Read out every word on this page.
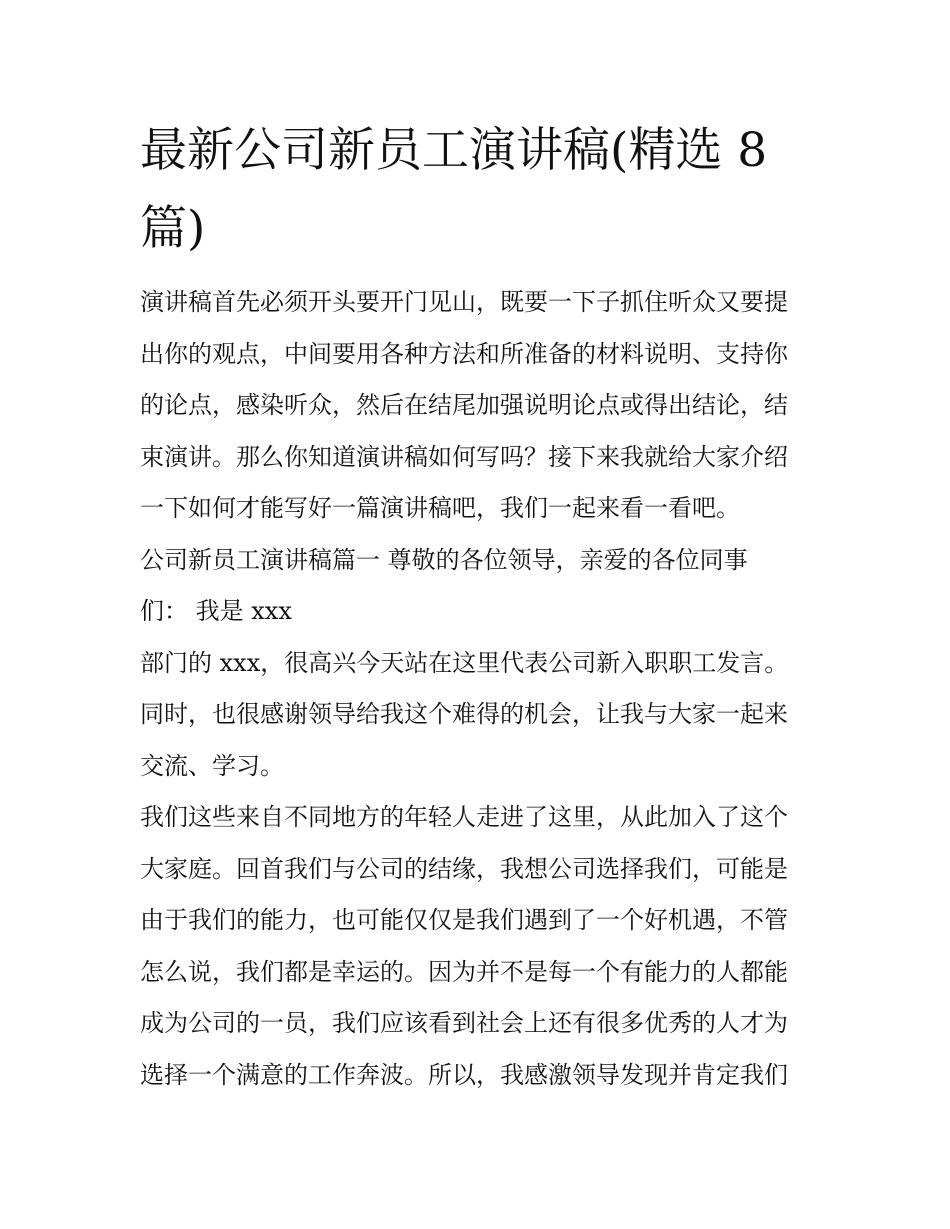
最新公司新员工演讲稿(精选 8
篇)

演讲稿首先必须开头要开门见山，既要一下子抓住听众又要提
出你的观点，中间要用各种方法和所准备的材料说明、支持你
的论点，感染听众，然后在结尾加强说明论点或得出结论，结
束演讲。那么你知道演讲稿如何写吗？接下来我就给大家介绍
一下如何才能写好一篇演讲稿吧，我们一起来看一看吧。

公司新员工演讲稿篇一 尊敬的各位领导，亲爱的各位同事
们： 我是 xxx

部门的 xxx，很高兴今天站在这里代表公司新入职职工发言。
同时，也很感谢领导给我这个难得的机会，让我与大家一起来
交流、学习。

我们这些来自不同地方的年轻人走进了这里，从此加入了这个
大家庭。回首我们与公司的结缘，我想公司选择我们，可能是
由于我们的能力，也可能仅仅是我们遇到了一个好机遇，不管
怎么说，我们都是幸运的。因为并不是每一个有能力的人都能
成为公司的一员，我们应该看到社会上还有很多优秀的人才为
选择一个满意的工作奔波。所以，我感激领导发现并肯定我们
